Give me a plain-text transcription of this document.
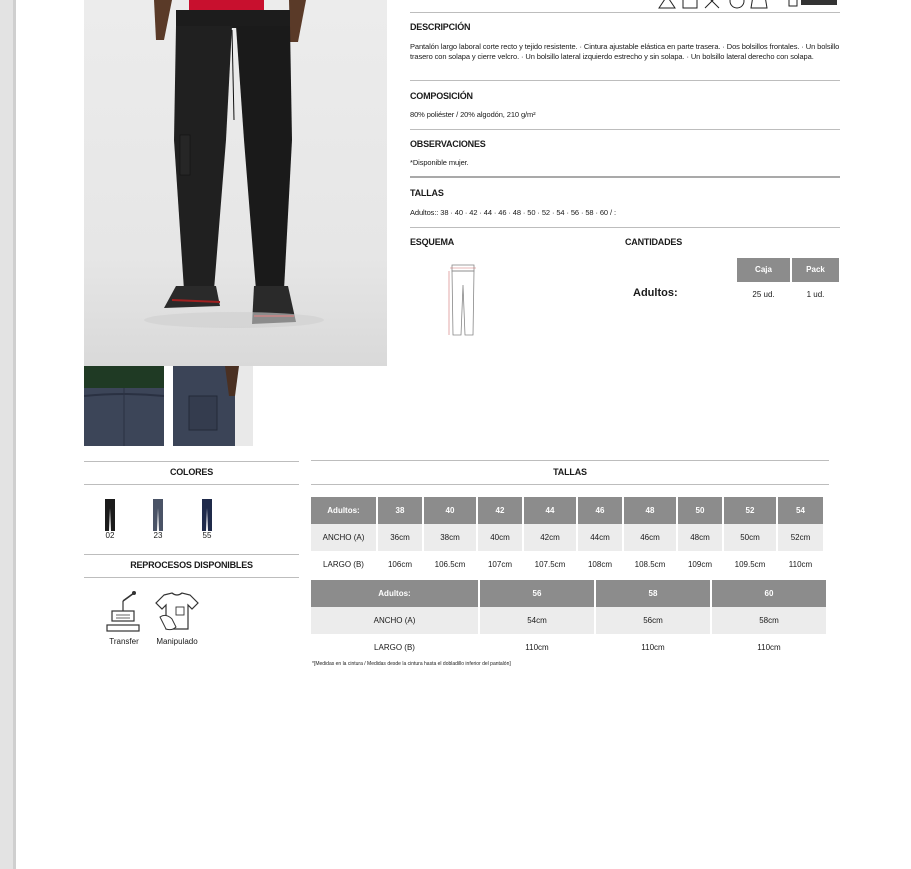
DESCRIPCIÓN
Pantalón largo laboral corte recto y tejido resistente. · Cintura ajustable elástica en parte trasera. · Dos bolsillos frontales. · Un bolsillo trasero con solapa y cierre velcro. · Un bolsillo lateral izquierdo estrecho y sin solapa. · Un bolsillo lateral derecho con solapa.
COMPOSICIÓN
80% poliéster / 20% algodón, 210 g/m²
OBSERVACIONES
*Disponible mujer.
TALLAS
Adultos:: 38 · 40 · 42 · 44 · 46 · 48 · 50 · 52 · 54 · 56 · 58 · 60 / :
ESQUEMA	CANTIDADES
Caja	Pack
Adultos:	25 ud.	1 ud.
COLORES
02	23	55
REPROCESOS DISPONIBLES
Transfer	Manipulado
TALLAS
Adultos:	38	40	42	44	46	48	50	52	54
ANCHO (A)	36cm	38cm	40cm	42cm	44cm	46cm	48cm	50cm	52cm
LARGO (B)	106cm	106.5cm	107cm	107.5cm	108cm	108.5cm	109cm	109.5cm	110cm
Adultos:	56	58	60
ANCHO (A)	54cm	56cm	58cm
LARGO (B)	110cm	110cm	110cm
*[Medidas en la cintura / Medidas desde la cintura hasta el dobladillo inferior del pantalón]
